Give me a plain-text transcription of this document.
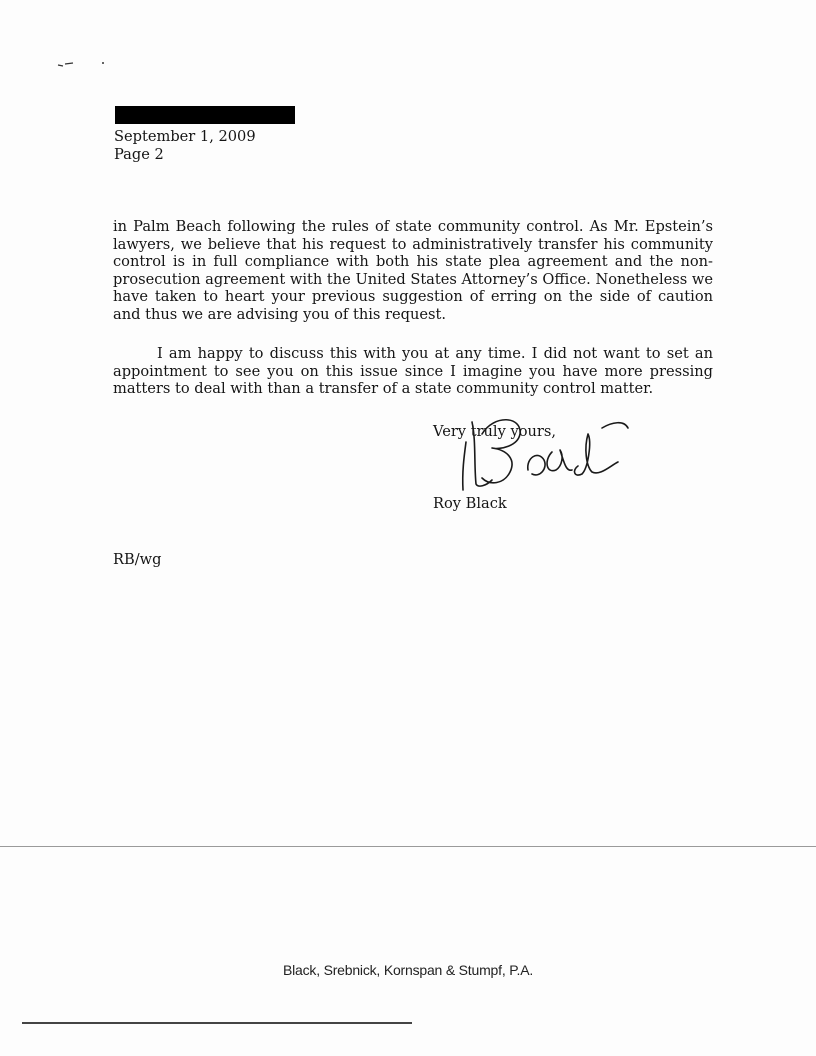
September 1, 2009
Page 2

in Palm Beach following the rules of state community control. As Mr. Epstein’s lawyers, we believe that his request to administratively transfer his community control is in full compliance with both his state plea agreement and the non-prosecution agreement with the United States Attorney’s Office. Nonetheless we have taken to heart your previous suggestion of erring on the side of caution and thus we are advising you of this request.

I am happy to discuss this with you at any time. I did not want to set an appointment to see you on this issue since I imagine you have more pressing matters to deal with than a transfer of a state community control matter.

Very truly yours,
Roy Black
RB/wg
Black, Srebnick, Kornspan & Stumpf, P.A.
